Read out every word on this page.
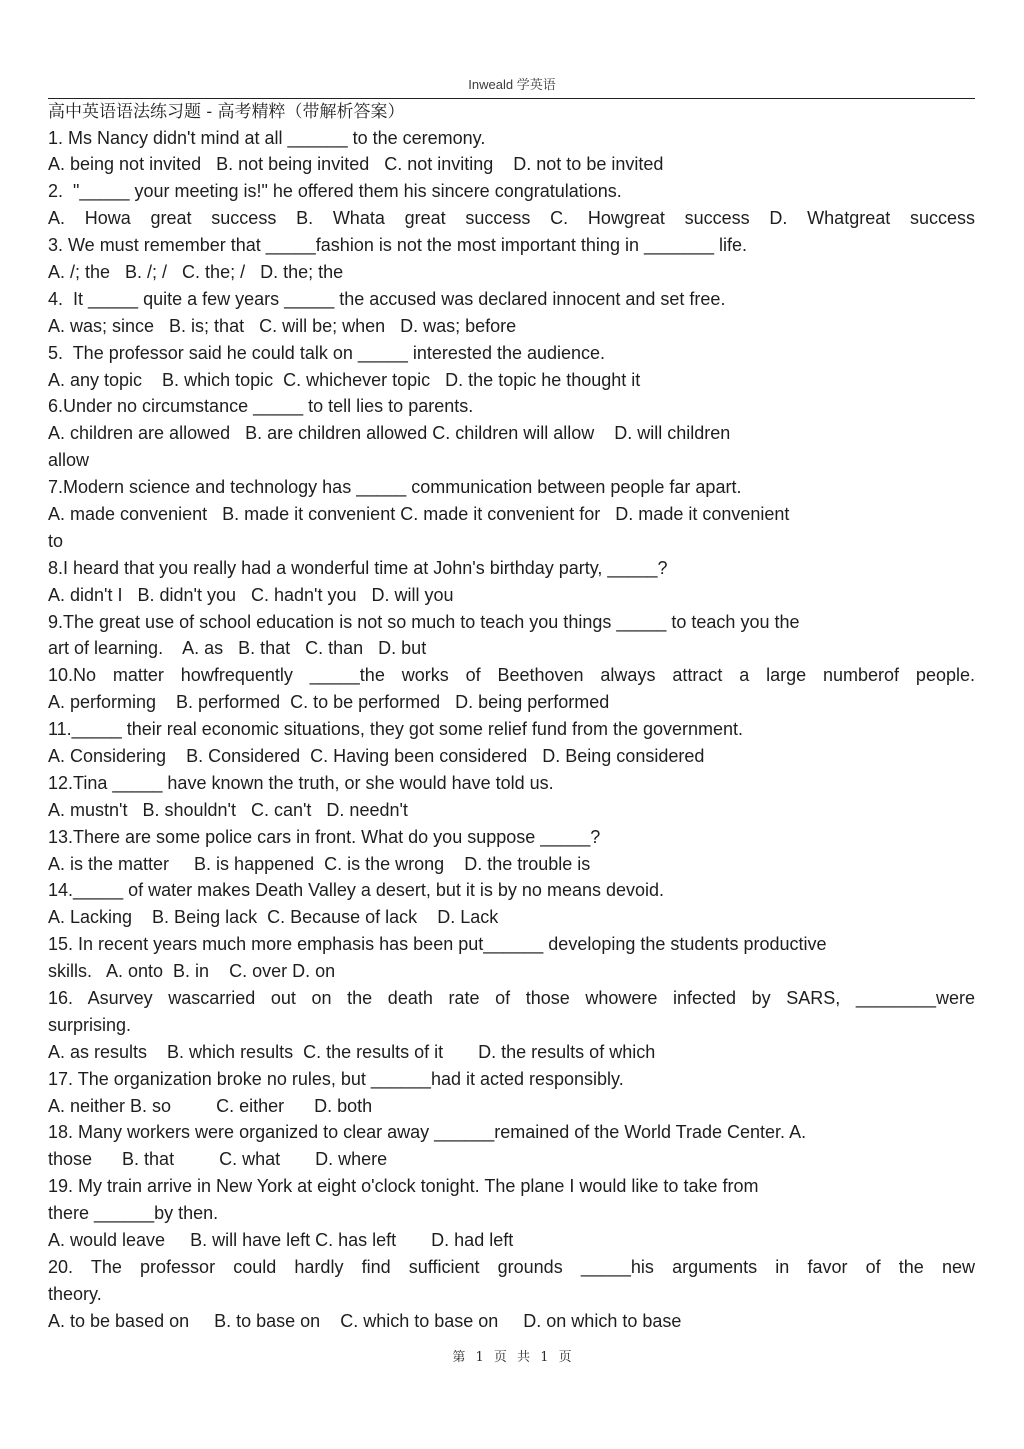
Inweald 学英语
高中英语语法练习题 - 高考精粹（带解析答案）
1. Ms Nancy didn't mind at all ______ to the ceremony.
A. being not invited   B. not being invited   C. not inviting    D. not to be invited
2.  "_____ your meeting is!" he offered them his sincere congratulations.
A. Howa great success B. Whata great success C. Howgreat success D. Whatgreat success
3. We must remember that _____fashion is not the most important thing in _______ life.
A. /; the   B. /; /   C. the; /   D. the; the
4.  It _____ quite a few years _____ the accused was declared innocent and set free.
A. was; since   B. is; that   C. will be; when   D. was; before
5.  The professor said he could talk on _____ interested the audience.
A. any topic    B. which topic  C. whichever topic   D. the topic he thought it
6.Under no circumstance _____ to tell lies to parents.
A. children are allowed   B. are children allowed C. children will allow    D. will children
allow
7.Modern science and technology has _____ communication between people far apart.
A. made convenient   B. made it convenient C. made it convenient for   D. made it convenient
to
8.I heard that you really had a wonderful time at John's birthday party, _____?
A. didn't I   B. didn't you   C. hadn't you   D. will you
9.The great use of school education is not so much to teach you things _____ to teach you the
art of learning.    A. as   B. that   C. than   D. but
10.No matter howfrequently _____the works of Beethoven always attract a large numberof people.
A. performing    B. performed  C. to be performed   D. being performed
11._____ their real economic situations, they got some relief fund from the government.
A. Considering    B. Considered  C. Having been considered   D. Being considered
12.Tina _____ have known the truth, or she would have told us.
A. mustn't   B. shouldn't   C. can't   D. needn't
13.There are some police cars in front. What do you suppose _____?
A. is the matter     B. is happened  C. is the wrong    D. the trouble is
14._____ of water makes Death Valley a desert, but it is by no means devoid.
A. Lacking    B. Being lack  C. Because of lack    D. Lack
15. In recent years much more emphasis has been put______ developing the students productive
skills.   A. onto  B. in    C. over D. on
16. Asurvey wascarried out on the death rate of those whowere infected by SARS, ________were
surprising.
A. as results    B. which results  C. the results of it       D. the results of which
17. The organization broke no rules, but ______had it acted responsibly.
A. neither B. so         C. either      D. both
18. Many workers were organized to clear away ______remained of the World Trade Center. A.
those      B. that         C. what       D. where
19. My train arrive in New York at eight o'clock tonight. The plane I would like to take from
there ______by then.
A. would leave     B. will have left C. has left       D. had left
20. The professor could hardly find sufficient grounds _____his arguments in favor of the new
theory.
A. to be based on     B. to base on    C. which to base on     D. on which to base
第 1 页 共 1 页
